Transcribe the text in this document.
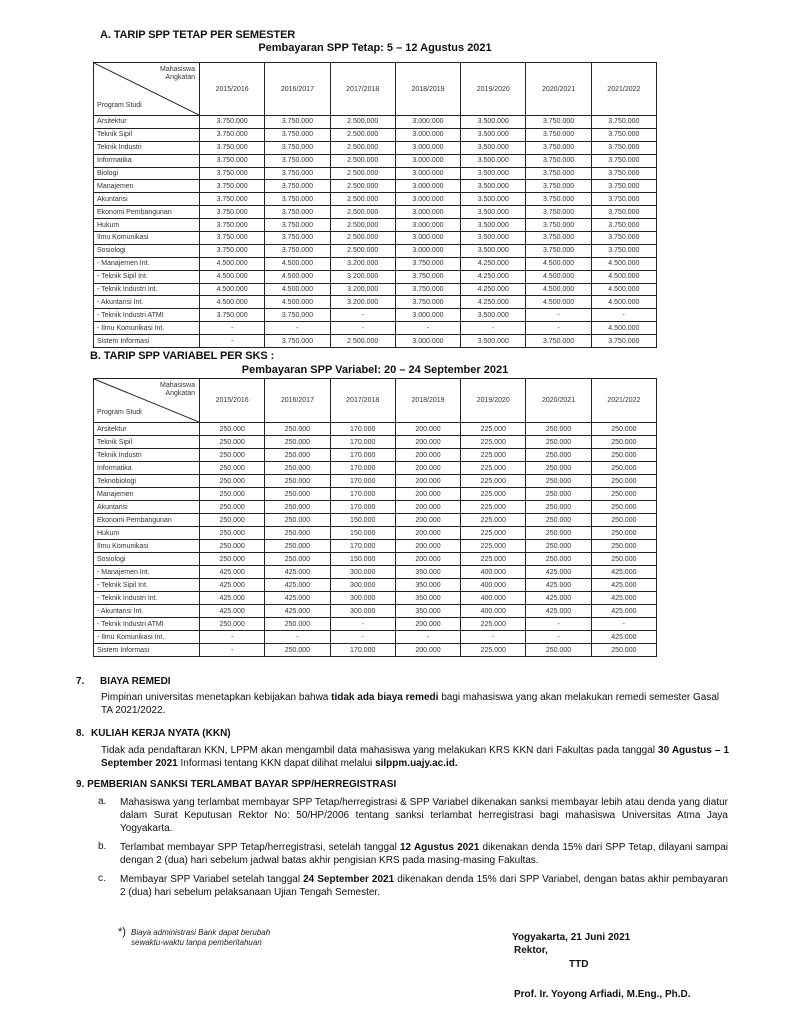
A. TARIP SPP TETAP PER SEMESTER
Pembayaran SPP Tetap: 5 – 12 Agustus 2021
Mahasiswa
Angkatan
Program Studi	2015/2016	2016/2017	2017/2018	2018/2019	2019/2020	2020/2021	2021/2022
Arsitektur	3.750.000	3.750.000	2.500.000	3.000.000	3.500.000	3.750.000	3.750.000
Teknik Sipil	3.750.000	3.750.000	2.500.000	3.000.000	3.500.000	3.750.000	3.750.000
Teknik Industri	3.750.000	3.750.000	2.500.000	3.000.000	3.500.000	3.750.000	3.750.000
Informatika	3.750.000	3.750.000	2.500.000	3.000.000	3.500.000	3.750.000	3.750.000
Biologi	3.750.000	3.750.000	2.500.000	3.000.000	3.500.000	3.750.000	3.750.000
Manajemen	3.750.000	3.750.000	2.500.000	3.000.000	3.500.000	3.750.000	3.750.000
Akuntansi	3.750.000	3.750.000	2.500.000	3.000.000	3.500.000	3.750.000	3.750.000
Ekonomi Pembangunan	3.750.000	3.750.000	2.500.000	3.000.000	3.500.000	3.750.000	3.750.000
Hukum	3.750.000	3.750.000	2.500.000	3.000.000	3.500.000	3.750.000	3.750.000
Ilmu Komunikasi	3.750.000	3.750.000	2.500.000	3.000.000	3.500.000	3.750.000	3.750.000
Sosiologi	3.750.000	3.750.000	2.500.000	3.000.000	3.500.000	3.750.000	3.750.000
- Manajemen Int.	4.500.000	4.500.000	3.200.000	3.750.000	4.250.000	4.500.000	4.500.000
- Teknik Sipil Int.	4.500.000	4.500.000	3.200.000	3.750.000	4.250.000	4.500.000	4.500.000
- Teknik Industri Int.	4.500.000	4.500.000	3.200.000	3.750.000	4.250.000	4.500.000	4.500.000
- Akuntansi Int.	4.500.000	4.500.000	3.200.000	3.750.000	4.250.000	4.500.000	4.500.000
- Teknik Industri ATMI	3.750.000	3.750.000	-	3.000.000	3.500.000	-	-
- Ilmu Komunikasi Int.	-	-	-	-	-	-	4.500.000
Sistem Informasi	-	3.750.000	2.500.000	3.000.000	3.500.000	3.750.000	3.750.000
B. TARIP SPP VARIABEL PER SKS :
Pembayaran SPP Variabel: 20 – 24 September 2021
Mahasiswa
Angkatan
Program Studi	2015/2016	2016/2017	2017/2018	2018/2019	2019/2020	2020/2021	2021/2022
Arsitektur	250.000	250.000	170.000	200.000	225.000	250.000	250.000
Teknik Sipil	250.000	250.000	170.000	200.000	225.000	250.000	250.000
Teknik Industri	250.000	250.000	170.000	200.000	225.000	250.000	250.000
Informatika	250.000	250.000	170.000	200.000	225.000	250.000	250.000
Teknobiologi	250.000	250.000	170.000	200.000	225.000	250.000	250.000
Manajemen	250.000	250.000	170.000	200.000	225.000	250.000	250.000
Akuntansi	250.000	250.000	170.000	200.000	225.000	250.000	250.000
Ekonomi Pembangunan	250.000	250.000	150.000	200.000	225.000	250.000	250.000
Hukum	250.000	250.000	150.000	200.000	225.000	250.000	250.000
Ilmu Komunikasi	250.000	250.000	170.000	200.000	225.000	250.000	250.000
Sosiologi	250.000	250.000	150.000	200.000	225.000	250.000	250.000
- Manajemen Int.	425.000	425.000	300.000	350.000	400.000	425.000	425.000
- Teknik Sipil Int.	425.000	425.000	300.000	350.000	400.000	425.000	425.000
- Teknik Industri Int.	425.000	425.000	300.000	350.000	400.000	425.000	425.000
- Akuntansi Int.	425.000	425.000	300.000	350.000	400.000	425.000	425.000
- Teknik Industri ATMI	250.000	250.000	-	200.000	225.000	-	-
- Ilmu Komunikasi Int.	-	-	-	-	-	-	425.000
Sistem Informasi	-	250.000	170.000	200.000	225.000	250.000	250.000
7. BIAYA REMEDI
Pimpinan universitas menetapkan kebijakan bahwa tidak ada biaya remedi bagi mahasiswa yang akan melakukan remedi semester Gasal TA 2021/2022.
8. KULIAH KERJA NYATA (KKN)
Tidak ada pendaftaran KKN, LPPM akan mengambil data mahasiswa yang melakukan KRS KKN dari Fakultas pada tanggal 30 Agustus – 1 September 2021 Informasi tentang KKN dapat dilihat melalui silppm.uajy.ac.id.
9. PEMBERIAN SANKSI TERLAMBAT BAYAR SPP/HERREGISTRASI
a. Mahasiswa yang terlambat membayar SPP Tetap/herregistrasi & SPP Variabel dikenakan sanksi membayar lebih atau denda yang diatur dalam Surat Keputusan Rektor No: 50/HP/2006 tentang sanksi terlambat herregistrasi bagi mahasiswa Universitas Atma Jaya Yogyakarta.
b. Terlambat membayar SPP Tetap/herregistrasi, setelah tanggal 12 Agustus 2021 dikenakan denda 15% dari SPP Tetap, dilayani sampai dengan 2 (dua) hari sebelum jadwal batas akhir pengisian KRS pada masing-masing Fakultas.
c. Membayar SPP Variabel setelah tanggal 24 September 2021 dikenakan denda 15% dari SPP Variabel, dengan batas akhir pembayaran 2 (dua) hari sebelum pelaksanaan Ujian Tengah Semester.
*) Biaya administrasi Bank dapat berubah
sewaktu-waktu tanpa pemberitahuan	Yogyakarta, 21 Juni 2021
Rektor,
TTD
Prof. Ir. Yoyong Arfiadi, M.Eng., Ph.D.
